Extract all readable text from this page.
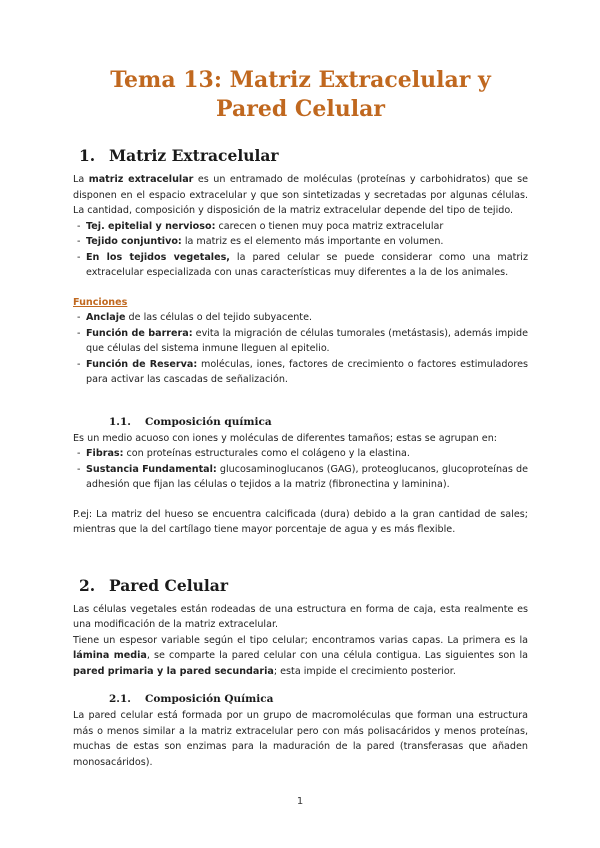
Tema 13: Matriz Extracelular y Pared Celular
1. Matriz Extracelular

La matriz extracelular es un entramado de moléculas (proteínas y carbohidratos) que se disponen en el espacio extracelular y que son sintetizadas y secretadas por algunas células. La cantidad, composición y disposición de la matriz extracelular depende del tipo de tejido.

- Tej. epitelial y nervioso: carecen o tienen muy poca matriz extracelular
- Tejido conjuntivo: la matriz es el elemento más importante en volumen.
- En los tejidos vegetales, la pared celular se puede considerar como una matriz extracelular especializada con unas características muy diferentes a la de los animales.
Funciones
- Anclaje de las células o del tejido subyacente.
- Función de barrera: evita la migración de células tumorales (metástasis), además impide que células del sistema inmune lleguen al epitelio.
- Función de Reserva: moléculas, iones, factores de crecimiento o factores estimuladores para activar las cascadas de señalización.
1.1.	Composición química

Es un medio acuoso con iones y moléculas de diferentes tamaños; estas se agrupan en:

- Fibras: con proteínas estructurales como el colágeno y la elastina.
- Sustancia Fundamental: glucosaminoglucanos (GAG), proteoglucanos, glucoproteínas de adhesión que fijan las células o tejidos a la matriz (fibronectina y laminina).

P.ej: La matriz del hueso se encuentra calcificada (dura) debido a la gran cantidad de sales; mientras que la del cartílago tiene mayor porcentaje de agua y es más flexible.

2. Pared Celular

Las células vegetales están rodeadas de una estructura en forma de caja, esta realmente es una modificación de la matriz extracelular.

Tiene un espesor variable según el tipo celular; encontramos varias capas. La primera es la lámina media, se comparte la pared celular con una célula contigua. Las siguientes son la pared primaria y la pared secundaria; esta impide el crecimiento posterior.

2.1.	Composición Química

La pared celular está formada por un grupo de macromoléculas que forman una estructura más o menos similar a la matriz extracelular pero con más polisacáridos y menos proteínas, muchas de estas son enzimas para la maduración de la pared (transferasas que añaden monosacáridos).

1
